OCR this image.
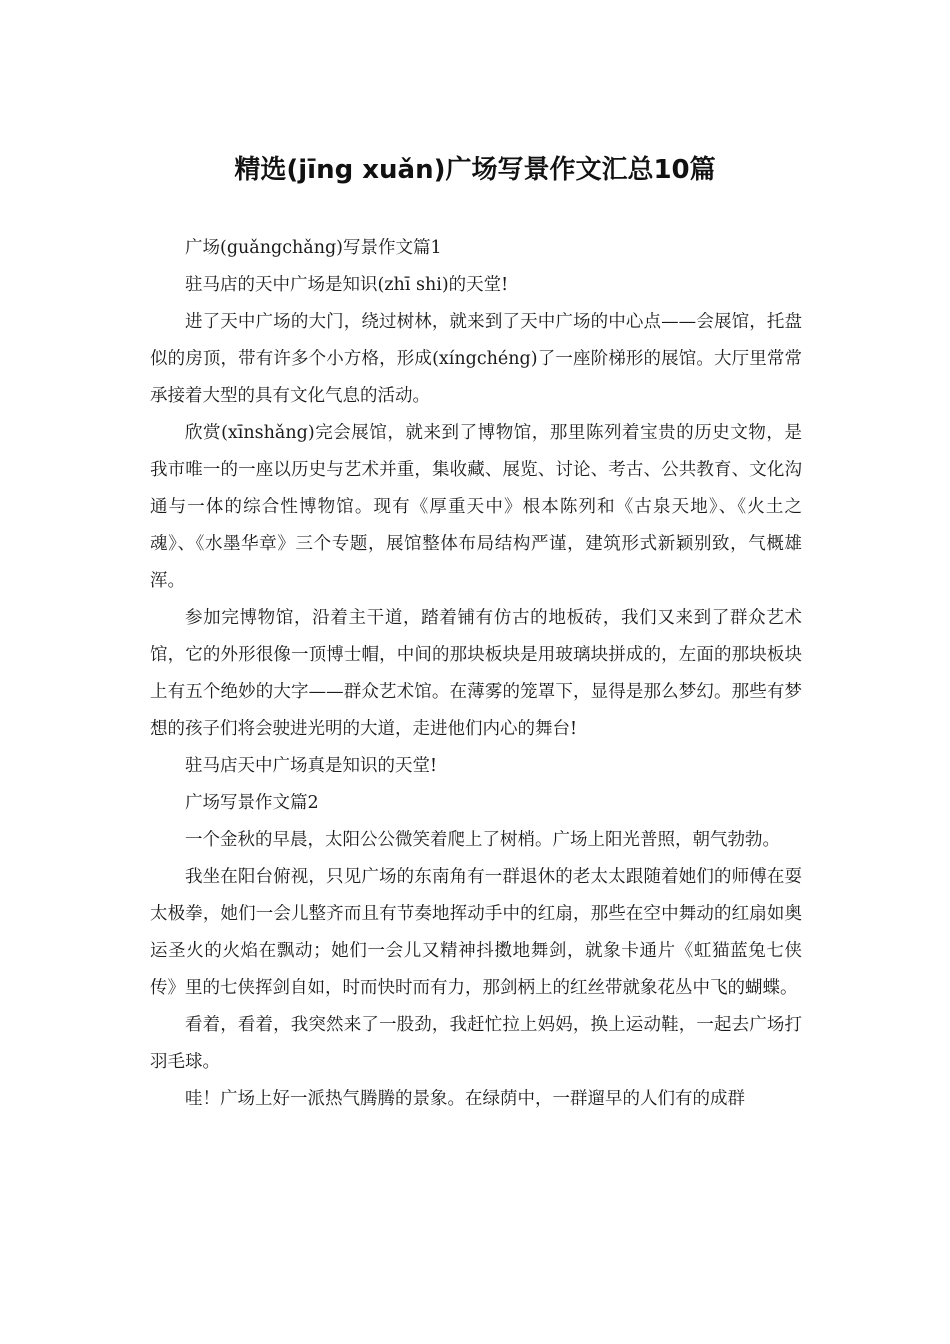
精选(jīng xuǎn)广场写景作文汇总10篇

广场(guǎngchǎng)写景作文篇1

驻马店的天中广场是知识(zhī shi)的天堂!

进了天中广场的大门，绕过树林，就来到了天中广场的中心点——会展馆，托盘似的房顶，带有许多个小方格，形成(xíngchéng)了一座阶梯形的展馆。大厅里常常承接着大型的具有文化气息的活动。

欣赏(xīnshǎng)完会展馆，就来到了博物馆，那里陈列着宝贵的历史文物，是我市唯一的一座以历史与艺术并重，集收藏、展览、讨论、考古、公共教育、文化沟通与一体的综合性博物馆。现有《厚重天中》根本陈列和《古泉天地》、《火土之魂》、《水墨华章》三个专题，展馆整体布局结构严谨，建筑形式新颖别致，气概雄浑。

参加完博物馆，沿着主干道，踏着铺有仿古的地板砖，我们又来到了群众艺术馆，它的外形很像一顶博士帽，中间的那块板块是用玻璃块拼成的，左面的那块板块上有五个绝妙的大字——群众艺术馆。在薄雾的笼罩下，显得是那么梦幻。那些有梦想的孩子们将会驶进光明的大道，走进他们内心的舞台!

驻马店天中广场真是知识的天堂!

广场写景作文篇2

一个金秋的早晨，太阳公公微笑着爬上了树梢。广场上阳光普照，朝气勃勃。

我坐在阳台俯视，只见广场的东南角有一群退休的老太太跟随着她们的师傅在耍太极拳，她们一会儿整齐而且有节奏地挥动手中的红扇，那些在空中舞动的红扇如奥运圣火的火焰在飘动；她们一会儿又精神抖擞地舞剑，就象卡通片《虹猫蓝兔七侠传》里的七侠挥剑自如，时而快时而有力，那剑柄上的红丝带就象花丛中飞的蝴蝶。

看着，看着，我突然来了一股劲，我赶忙拉上妈妈，换上运动鞋，一起去广场打羽毛球。

哇！广场上好一派热气腾腾的景象。在绿荫中，一群遛早的人们有的成群
